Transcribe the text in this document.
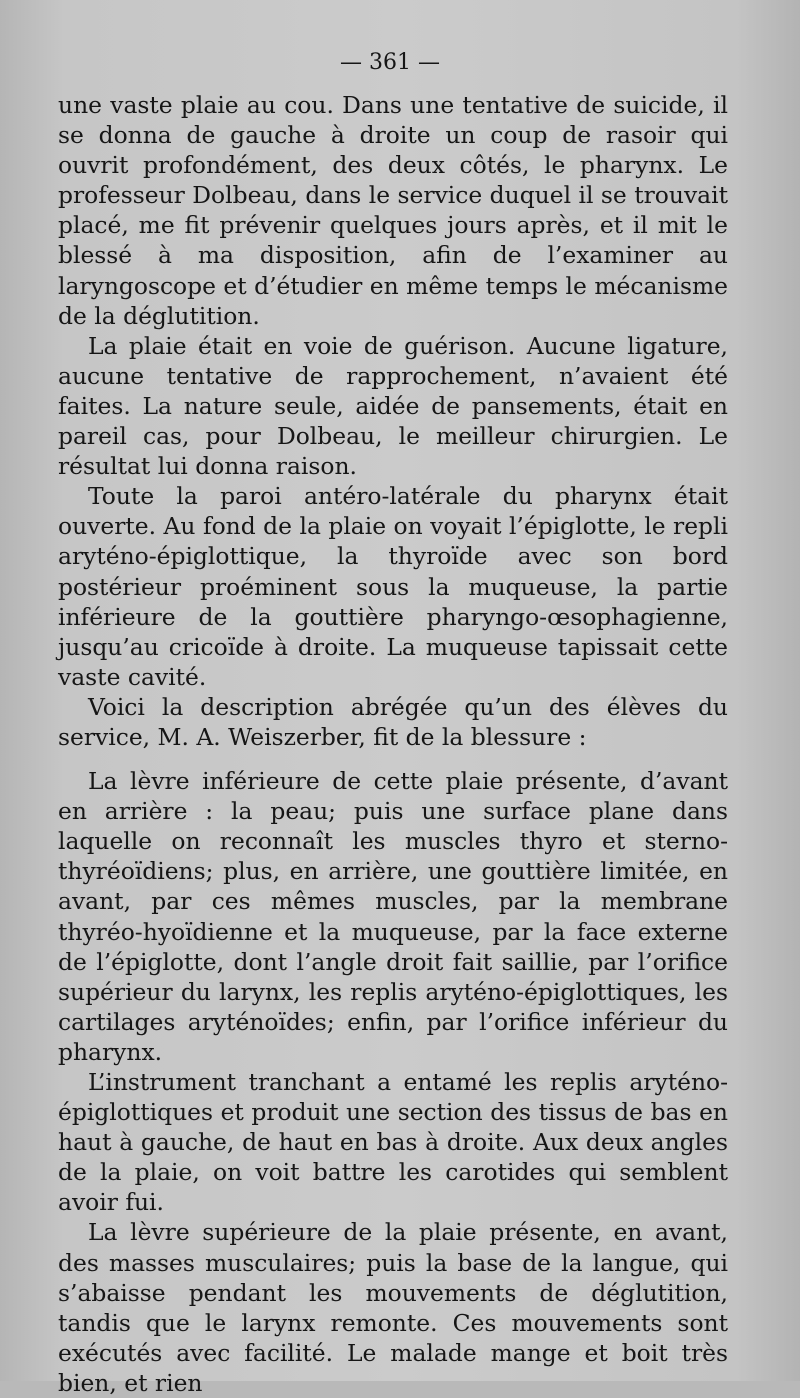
— 361 —

une vaste plaie au cou. Dans une tentative de suicide, il se donna de gauche à droite un coup de rasoir qui ouvrit profondément, des deux côtés, le pharynx. Le professeur Dolbeau, dans le service duquel il se trouvait placé, me fit prévenir quelques jours après, et il mit le blessé à ma disposition, afin de l’examiner au laryngoscope et d’étudier en même temps le mécanisme de la déglutition.

La plaie était en voie de guérison. Aucune ligature, aucune tentative de rapprochement, n’avaient été faites. La nature seule, aidée de pansements, était en pareil cas, pour Dolbeau, le meilleur chirurgien. Le résultat lui donna raison.

Toute la paroi antéro-latérale du pharynx était ouverte. Au fond de la plaie on voyait l’épiglotte, le repli aryténo-épiglottique, la thyroïde avec son bord postérieur proéminent sous la muqueuse, la partie inférieure de la gouttière pharyngo-œsophagienne, jusqu’au cricoïde à droite. La muqueuse tapissait cette vaste cavité.

Voici la description abrégée qu’un des élèves du service, M. A. Weiszerber, fit de la blessure :

La lèvre inférieure de cette plaie présente, d’avant en arrière : la peau; puis une surface plane dans laquelle on reconnaît les muscles thyro et sterno-thyréoïdiens; plus, en arrière, une gouttière limitée, en avant, par ces mêmes muscles, par la membrane thyréo-hyoïdienne et la muqueuse, par la face externe de l’épiglotte, dont l’angle droit fait saillie, par l’orifice supérieur du larynx, les replis aryténo-épiglottiques, les cartilages aryténoïdes; enfin, par l’orifice inférieur du pharynx.

L’instrument tranchant a entamé les replis aryténo-épiglottiques et produit une section des tissus de bas en haut à gauche, de haut en bas à droite. Aux deux angles de la plaie, on voit battre les carotides qui semblent avoir fui.

La lèvre supérieure de la plaie présente, en avant, des masses musculaires; puis la base de la langue, qui s’abaisse pendant les mouvements de déglutition, tandis que le larynx remonte. Ces mouvements sont exécutés avec facilité. Le malade mange et boit très bien, et rien
